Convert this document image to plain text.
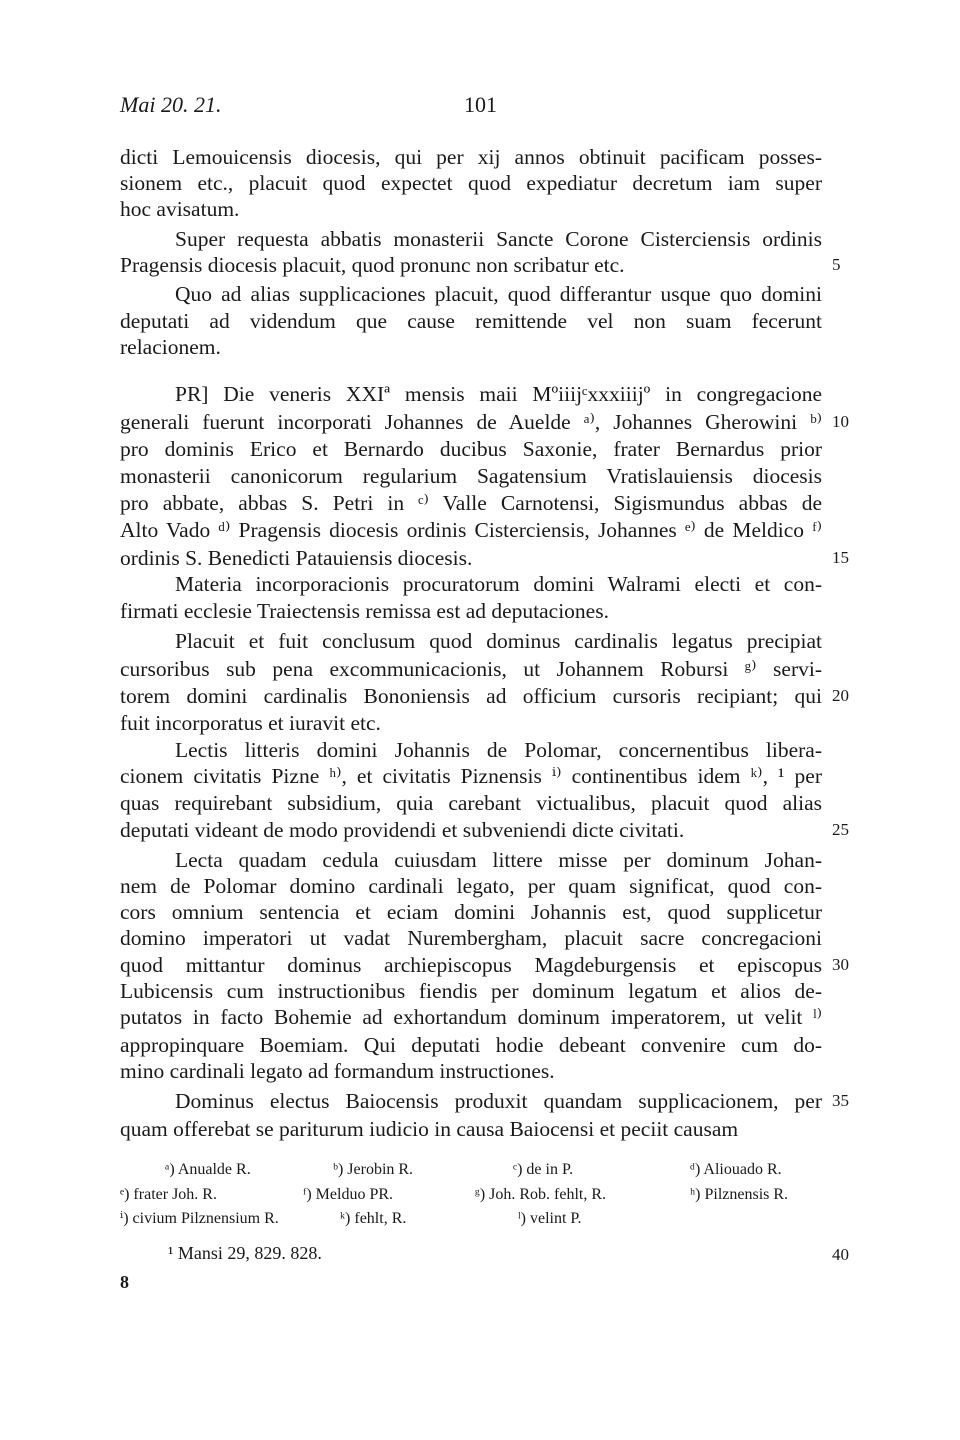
Mai 20. 21.	101
dicti Lemouicensis diocesis, qui per xij annos obtinuit pacificam posses-
sionem etc., placuit quod expectet quod expediatur decretum iam super
hoc avisatum.
Super requesta abbatis monasterii Sancte Corone Cisterciensis ordinis
Pragensis diocesis placuit, quod pronunc non scribatur etc.
Quo ad alias supplicaciones placuit, quod differantur usque quo domini
deputati ad videndum que cause remittende vel non suam fecerunt
relacionem.
PR] Die veneris XXIª mensis maii Mºiiijᶜxxxiiijº in congregacione
generali fuerunt incorporati Johannes de Auelde ᵃ⁾, Johannes Gherowini ᵇ⁾
pro dominis Erico et Bernardo ducibus Saxonie, frater Bernardus prior
monasterii canonicorum regularium Sagatensium Vratislauiensis diocesis
pro abbate, abbas S. Petri in ᶜ⁾ Valle Carnotensi, Sigismundus abbas de
Alto Vado ᵈ⁾ Pragensis diocesis ordinis Cisterciensis, Johannes ᵉ⁾ de Meldico ᶠ⁾
ordinis S. Benedicti Patauiensis diocesis.
Materia incorporacionis procuratorum domini Walrami electi et con-
firmati ecclesie Traiectensis remissa est ad deputaciones.
Placuit et fuit conclusum quod dominus cardinalis legatus precipiat
cursoribus sub pena excommunicacionis, ut Johannem Robursi ᵍ⁾ servi-
torem domini cardinalis Bononiensis ad officium cursoris recipiant; qui
fuit incorporatus et iuravit etc.
Lectis litteris domini Johannis de Polomar, concernentibus libera-
cionem civitatis Pizne ʰ⁾, et civitatis Piznensis ⁱ⁾ continentibus idem ᵏ⁾, ¹ per
quas requirebant subsidium, quia carebant victualibus, placuit quod alias
deputati videant de modo providendi et subveniendi dicte civitati.
Lecta quadam cedula cuiusdam littere misse per dominum Johan-
nem de Polomar domino cardinali legato, per quam significat, quod con-
cors omnium sentencia et eciam domini Johannis est, quod supplicetur
domino imperatori ut vadat Nurembergham, placuit sacre concregacioni
quod mittantur dominus archiepiscopus Magdeburgensis et episcopus
Lubicensis cum instructionibus fiendis per dominum legatum et alios de-
putatos in facto Bohemie ad exhortandum dominum imperatorem, ut velit ˡ⁾
appropinquare Boemiam. Qui deputati hodie debeant convenire cum do-
mino cardinali legato ad formandum instructiones.
Dominus electus Baiocensis produxit quandam supplicacionem, per
quam offerebat se pariturum iudicio in causa Baiocensi et peciit causam
5
10
15
20
25
30
35
40
ᵃ) Anualde R.	ᵇ) Jerobin R.	ᶜ) de in P.	ᵈ) Aliouado R.
ᵉ) frater Joh. R.	ᶠ) Melduo PR.	ᵍ) Joh. Rob. fehlt, R.	ʰ) Pilznensis R.
ⁱ) civium Pilznensium R.	ᵏ) fehlt, R.	ˡ) velint P.
¹ Mansi 29, 829. 828.
8
